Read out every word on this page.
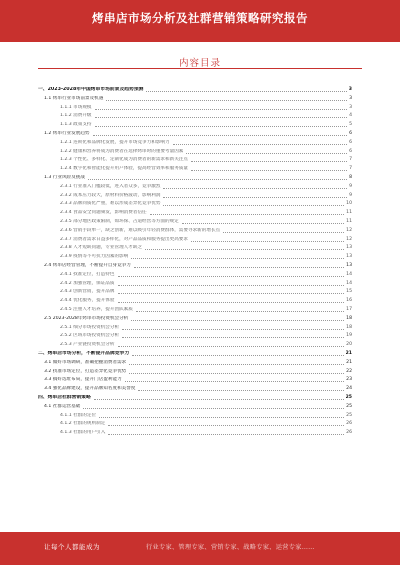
烤串店市场分析及社群营销策略研究报告
内容目录
一、2023-2028年中国烤串市场前景及趋势预测	3
1.1 烤串行业市场前景及机遇	3
1.1.1 市场规模	3
1.1.2 消费升级	4
1.1.3 政策支持	5
1.2 烤串行业发展趋势	6
1.2.1 连锁化和品牌化发展，提升市场竞争力和影响力	6
1.2.2 健康和营养将成为消费者在选择烤串时的重要考量因素	6
1.2.3 个性化、多样化、定制化成为消费者的新需求和新关注点	7
1.2.4 数字化和智能化提升用户体验，提高经营效率和服务质量	7
1.3 行业风险及挑战	8
2.3.1 行业准入门槛较低，进入者众多，竞争激烈	9
2.3.2 成本压力较大，原材料价格波动，影响利润	9
2.3.3 品牌同质化严重，难以形成差异化竞争优势	10
2.3.4 食品安全问题频发，影响消费者信任	11
2.3.5 部分地区政策限制，如环保、占道经营等方面的规定	11
2.3.6 营销手段单一，缺乏创新，难以吸引年轻消费群体，需要寻求新的增长点	12
2.3.7 消费者需求日益多样化，对产品品质和服务提出更高要求	12
2.3.8 人才短缺问题，专业管理人才缺乏	13
2.3.9 疫情等不可抗力因素的影响	13
2.4 烤串店经营管理，不断提升自身竞争力	13
2.4.1 找准定位，打造特色	14
2.4.2 加强管理，保证品质	14
2.4.3 创新营销，提升品牌	15
2.4.4 优化服务，提升体验	16
2.4.5 注重人才培养，提升团队素质	17
2.5 2023-2028年烤串市场投资机会分析	18
2.5.1 细分市场投资机会分析	18
2.5.2 区域市场投资机会分析	19
2.5.3 产业链投资机会分析	20
二、烤串店市场分析，不断提升品牌竞争力	21
3.1 做好市场调研，准确把握消费者需求	21
3.2 找准市场定位，打造差异化竞争优势	22
3.3 搞好选址布局，提升门店盈利能力	23
3.4 强化品牌建设，提升品牌知名度和美誉度	24
四、烤串店社群营销策略	25
4.1 社群运营基础	25
4.1.1 社群的定位	25
4.1.2 社群的规则制定	26
4.1.3 社群的用户引入	26
让每个人都能成为	行业专家、管理专家、营销专家、战略专家、运营专家……
